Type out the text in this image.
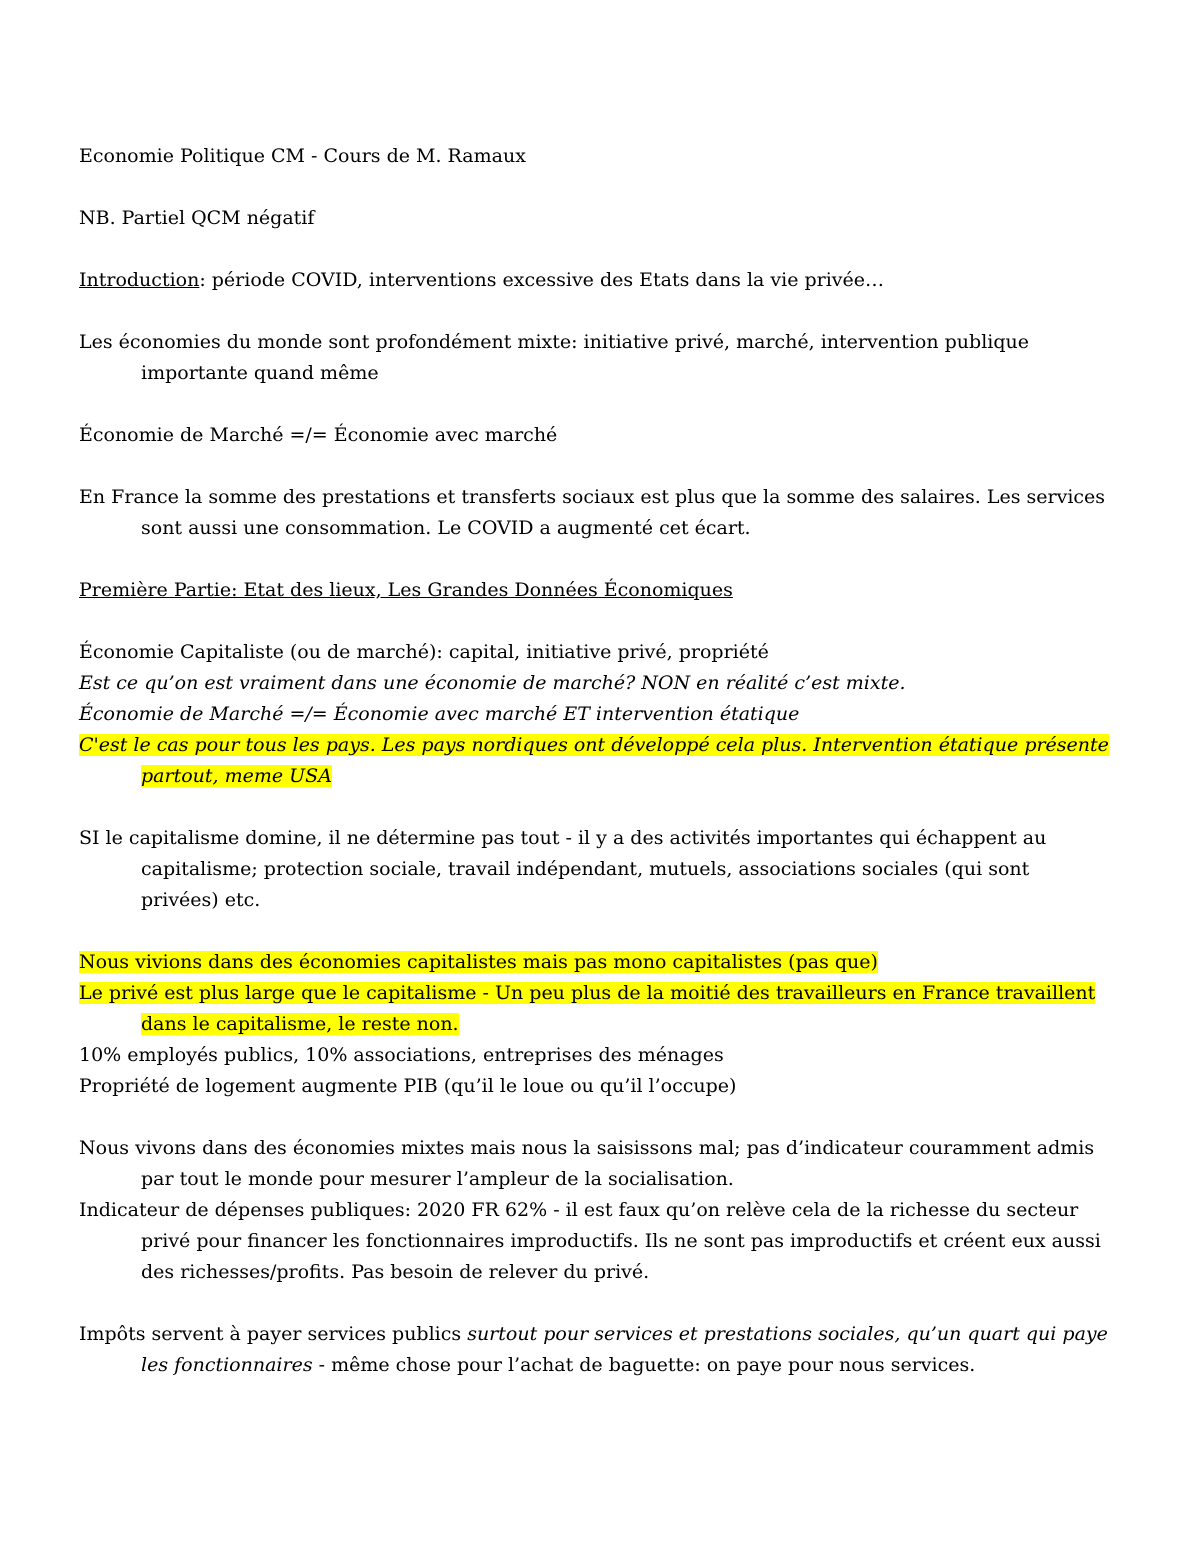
Economie Politique CM - Cours de M. Ramaux

NB. Partiel QCM négatif

Introduction: période COVID, interventions excessive des Etats dans la vie privée…

Les économies du monde sont profondément mixte: initiative privé, marché, intervention publique importante quand même

Économie de Marché =/= Économie avec marché

En France la somme des prestations et transferts sociaux est plus que la somme des salaires. Les services sont aussi une consommation. Le COVID a augmenté cet écart.

Première Partie: Etat des lieux, Les Grandes Données Économiques

Économie Capitaliste (ou de marché): capital, initiative privé, propriété

Est ce qu’on est vraiment dans une économie de marché? NON en réalité c’est mixte.

Économie de Marché =/= Économie avec marché ET intervention étatique

C'est le cas pour tous les pays. Les pays nordiques ont développé cela plus. Intervention étatique présente partout, meme USA

SI le capitalisme domine, il ne détermine pas tout - il y a des activités importantes qui échappent au capitalisme; protection sociale, travail indépendant, mutuels, associations sociales (qui sont privées) etc.

Nous vivions dans des économies capitalistes mais pas mono capitalistes (pas que)

Le privé est plus large que le capitalisme - Un peu plus de la moitié des travailleurs en France travaillent dans le capitalisme, le reste non.

10% employés publics, 10% associations, entreprises des ménages

Propriété de logement augmente PIB (qu’il le loue ou qu’il l’occupe)

Nous vivons dans des économies mixtes mais nous la saisissons mal; pas d’indicateur couramment admis par tout le monde pour mesurer l’ampleur de la socialisation.

Indicateur de dépenses publiques: 2020 FR 62% - il est faux qu’on relève cela de la richesse du secteur privé pour financer les fonctionnaires improductifs. Ils ne sont pas improductifs et créent eux aussi des richesses/profits. Pas besoin de relever du privé.

Impôts servent à payer services publics surtout pour services et prestations sociales, qu’un quart qui paye les fonctionnaires - même chose pour l’achat de baguette: on paye pour nous services.
